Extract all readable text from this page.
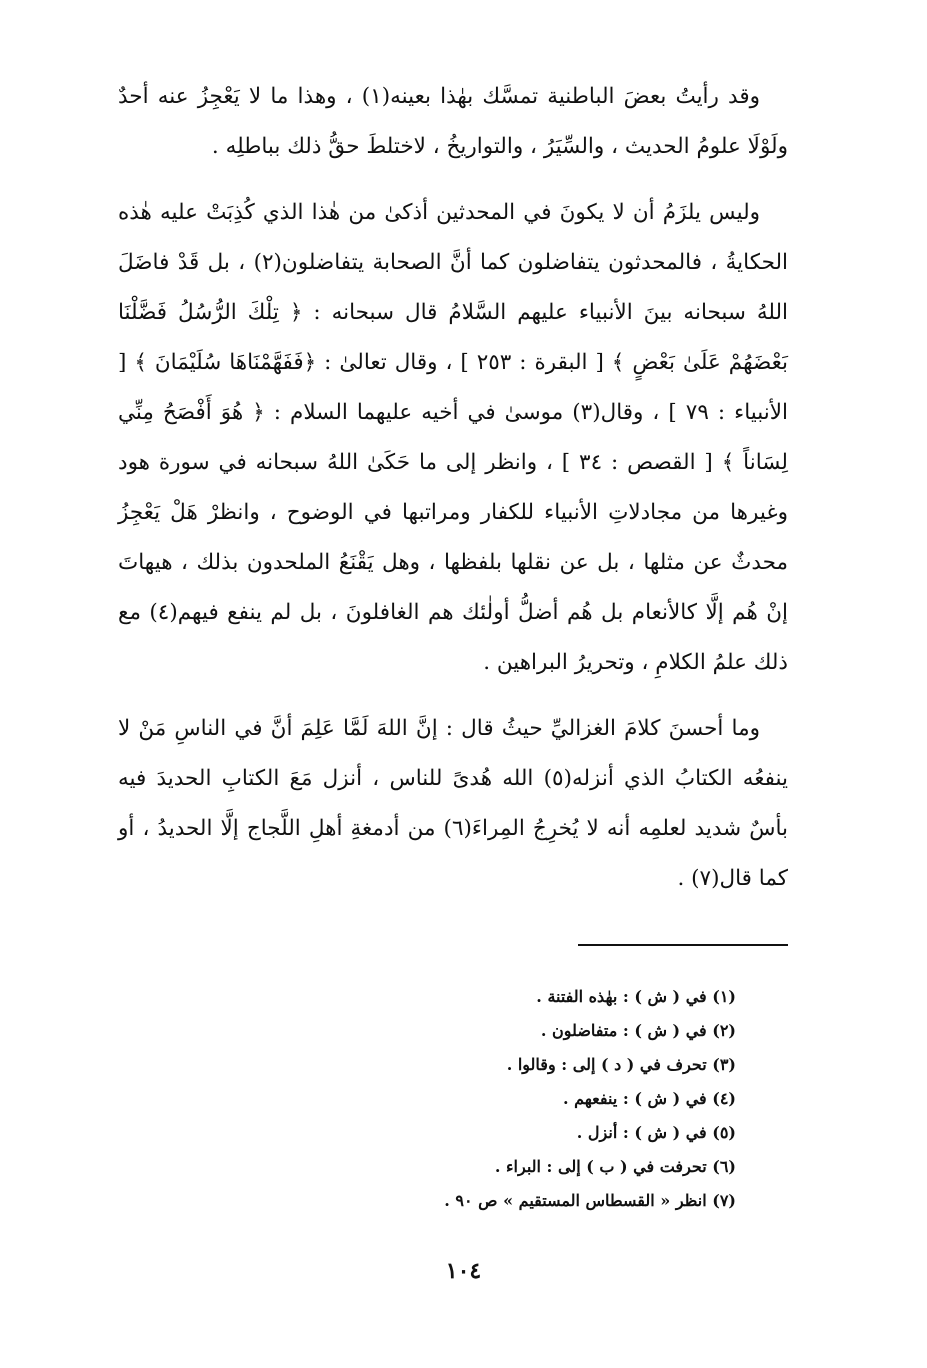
وقد رأيتُ بعضَ الباطنية تمسَّك بهٰذا بعينه(١) ، وهذا ما لا يَعْجِزُ عنه أحدٌ ولَوْلَا علومُ الحديث ، والسِّيَرُ ، والتواريخُ ، لاختلطَ حقُّ ذلك بباطلِه .

وليس يلزَمُ أن لا يكونَ في المحدثين أذكىٰ من هٰذا الذي كُذِبَتْ عليه هٰذه الحكايةُ ، فالمحدثون يتفاضلون كما أنَّ الصحابة يتفاضلون(٢) ، بل قَدْ فاضَلَ اللهُ سبحانه بينَ الأنبياء عليهم السَّلامُ قال سبحانه : ﴿ تِلْكَ الرُّسُلُ فَضَّلْنَا بَعْضَهُمْ عَلَىٰ بَعْضٍ ﴾ [ البقرة : ٢٥٣ ] ، وقال تعالىٰ : ﴿فَفَهَّمْنَاهَا سُلَيْمَانَ ﴾ [ الأنبياء : ٧٩ ] ، وقال(٣) موسىٰ في أخيه عليهما السلام : ﴿ هُوَ أَفْصَحُ مِنِّي لِسَاناً ﴾ [ القصص : ٣٤ ] ، وانظر إلى ما حَكَىٰ اللهُ سبحانه في سورة هود وغيرها من مجادلاتِ الأنبياء للكفار ومراتبها في الوضوح ، وانظرْ هَلْ يَعْجِزُ محدثٌ عن مثلها ، بل عن نقلها بلفظها ، وهل يَقْنَعُ الملحدون بذلك ، هيهاتَ إنْ هُم إلَّا كالأنعام بل هُم أضلُّ أولٰئك هم الغافلونَ ، بل لم ينفع فيهم(٤) مع ذلك علمُ الكلامِ ، وتحريرُ البراهين .

وما أحسنَ كلامَ الغزاليِّ حيثُ قال : إنَّ اللهَ لَمَّا عَلِمَ أنَّ في الناسِ مَنْ لا ينفعُه الكتابُ الذي أنزله(٥) الله هُدىً للناس ، أنزل مَعَ الكتابِ الحديدَ فيه بأسٌ شديد لعلمِه أنه لا يُخرِجُ المِراءَ(٦) من أدمغةِ أهلِ اللَّجاج إلَّا الحديدُ ، أو كما قال(٧) .

(١) في ( ش ) : بهٰذه الفتنة .
(٢) في ( ش ) : متفاضلون .
(٣) تحرف في ( د ) إلى : وقالوا .
(٤) في ( ش ) : ينفعهم .
(٥) في ( ش ) : أنزل .
(٦) تحرفت في ( ب ) إلى : البراء .
(٧) انظر « القسطاس المستقيم » ص ٩٠ .
١٠٤
